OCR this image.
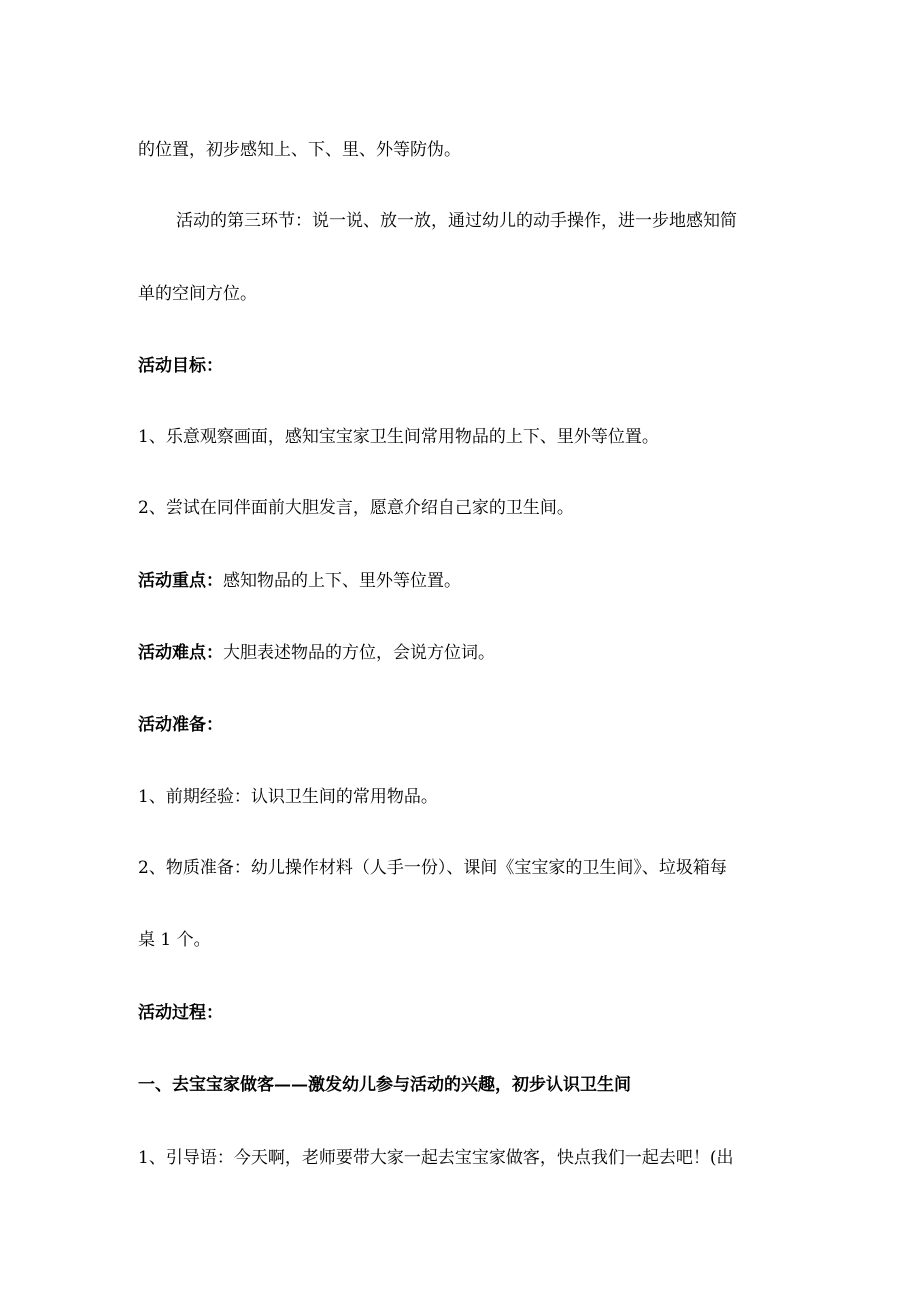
的位置，初步感知上、下、里、外等防伪。
活动的第三环节：说一说、放一放，通过幼儿的动手操作，进一步地感知简
单的空间方位。
活动目标：
1、乐意观察画面，感知宝宝家卫生间常用物品的上下、里外等位置。
2、尝试在同伴面前大胆发言，愿意介绍自己家的卫生间。
活动重点：感知物品的上下、里外等位置。
活动难点：大胆表述物品的方位，会说方位词。
活动准备：
1、前期经验：认识卫生间的常用物品。
2、物质准备：幼儿操作材料（人手一份）、课间《宝宝家的卫生间》、垃圾箱每
桌 1 个。
活动过程：
一、去宝宝家做客——激发幼儿参与活动的兴趣，初步认识卫生间
1、引导语：今天啊，老师要带大家一起去宝宝家做客，快点我们一起去吧！(出
